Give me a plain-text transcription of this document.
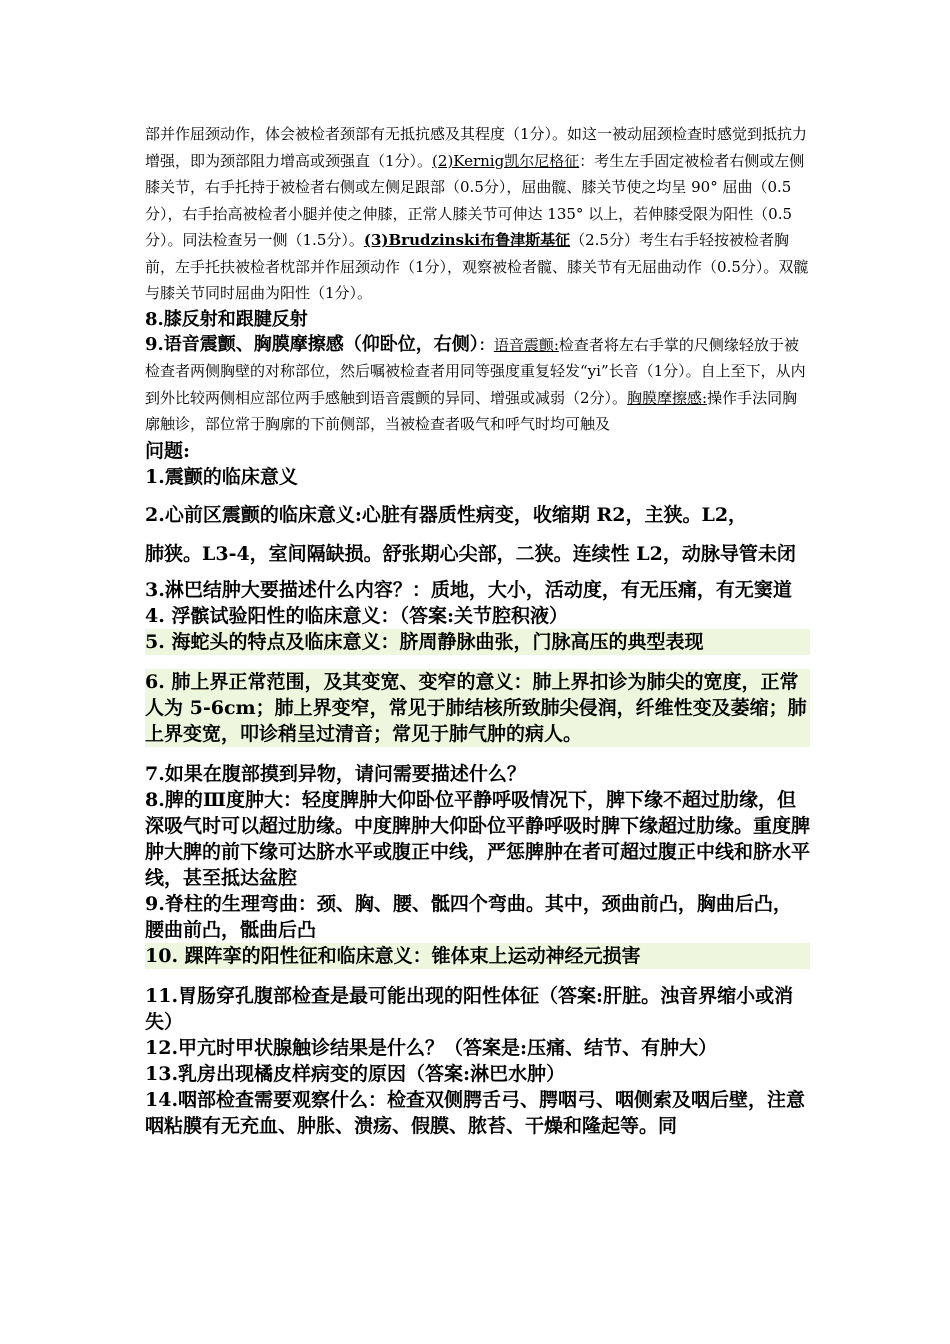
部并作屈颈动作，体会被检者颈部有无抵抗感及其程度（1分）。如这一被动屈颈检查时感觉到抵抗力增强，即为颈部阻力增高或颈强直（1分）。(2)Kernig凯尔尼格征：考生左手固定被检者右侧或左侧膝关节，右手托持于被检者右侧或左侧足跟部（0.5分），屈曲髋、膝关节使之均呈 90° 屈曲（0.5分），右手抬高被检者小腿并使之伸膝，正常人膝关节可伸达 135° 以上，若伸膝受限为阳性（0.5分）。同法检查另一侧（1.5分）。(3)Brudzinski布鲁津斯基征（2.5分）考生右手轻按被检者胸前，左手托扶被检者枕部并作屈颈动作（1分），观察被检者髋、膝关节有无屈曲动作（0.5分）。双髋与膝关节同时屈曲为阳性（1分）。

8.膝反射和跟腱反射

9.语音震颤、胸膜摩擦感（仰卧位，右侧）：语音震颤:检查者将左右手掌的尺侧缘轻放于被检查者两侧胸壁的对称部位，然后嘱被检查者用同等强度重复轻发“yi”长音（1分）。自上至下，从内到外比较两侧相应部位两手感触到语音震颤的异同、增强或减弱（2分）。胸膜摩擦感:操作手法同胸廓触诊，部位常于胸廓的下前侧部，当被检查者吸气和呼气时均可触及

问题:

1.震颤的临床意义

2.心前区震颤的临床意义:心脏有器质性病变，收缩期 R2，主狭。L2，

肺狭。L3-4，室间隔缺损。舒张期心尖部，二狭。连续性 L2，动脉导管未闭

3.淋巴结肿大要描述什么内容？：质地，大小，活动度，有无压痛，有无窦道

4. 浮髌试验阳性的临床意义：（答案:关节腔积液）

5. 海蛇头的特点及临床意义：脐周静脉曲张，门脉高压的典型表现

6. 肺上界正常范围，及其变宽、变窄的意义：肺上界扣诊为肺尖的宽度，正常人为 5-6cm；肺上界变窄，常见于肺结核所致肺尖侵润，纤维性变及萎缩；肺上界变宽，叩诊稍呈过清音；常见于肺气肿的病人。

7.如果在腹部摸到异物，请问需要描述什么？

8.脾的Ⅲ度肿大：轻度脾肿大仰卧位平静呼吸情况下，脾下缘不超过肋缘，但深吸气时可以超过肋缘。中度脾肿大仰卧位平静呼吸时脾下缘超过肋缘。重度脾肿大脾的前下缘可达脐水平或腹正中线，严惩脾肿在者可超过腹正中线和脐水平线，甚至抵达盆腔

9.脊柱的生理弯曲：颈、胸、腰、骶四个弯曲。其中，颈曲前凸，胸曲后凸，腰曲前凸，骶曲后凸

10. 踝阵挛的阳性征和临床意义：锥体束上运动神经元损害

11.胃肠穿孔腹部检查是最可能出现的阳性体征（答案:肝脏。浊音界缩小或消失）

12.甲亢时甲状腺触诊结果是什么？（答案是:压痛、结节、有肿大）

13.乳房出现橘皮样病变的原因（答案:淋巴水肿）

14.咽部检查需要观察什么：检查双侧腭舌弓、腭咽弓、咽侧索及咽后壁，注意咽粘膜有无充血、肿胀、溃疡、假膜、脓苔、干燥和隆起等。同
